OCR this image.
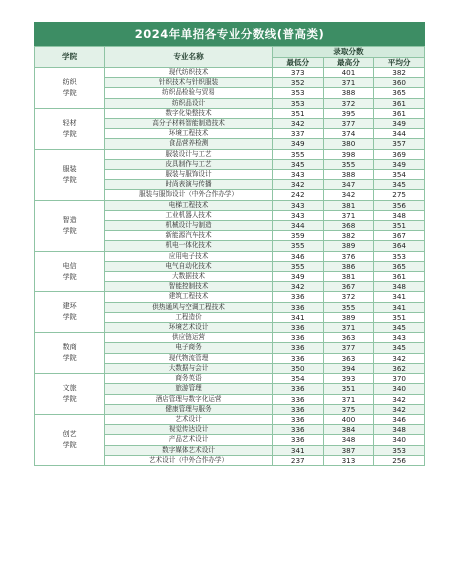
2024年单招各专业分数线(普高类)
学院	专业名称	录取分数		
		最低分	最高分	平均分
纺织
学院	现代纺织技术	373	401	382
	针织技术与针织服装	352	371	360
	纺织品检验与贸易	353	388	365
	纺织品设计	353	372	361
轻材
学院	数字化染整技术	351	395	361
	高分子材料智能制造技术	342	377	349
	环境工程技术	337	374	344
	食品营养检测	349	380	357
服装
学院	服装设计与工艺	355	398	369
	皮具制作与工艺	345	355	349
	服装与服饰设计	343	388	354
	时尚表演与传播	342	347	345
	服装与服饰设计（中外合作办学）	242	342	275
智造
学院	电梯工程技术	343	381	356
	工业机器人技术	343	371	348
	机械设计与制造	344	368	351
	新能源汽车技术	359	382	367
	机电一体化技术	355	389	364
电信
学院	应用电子技术	346	376	353
	电气自动化技术	355	386	365
	大数据技术	349	381	361
	智能控制技术	342	367	348
建环
学院	建筑工程技术	336	372	341
	供热通风与空调工程技术	336	355	341
	工程造价	341	389	351
	环境艺术设计	336	371	345
数商
学院	供应链运营	336	363	343
	电子商务	336	377	345
	现代物流管理	336	363	342
	大数据与会计	350	394	362
文旅
学院	商务英语	354	393	370
	旅游管理	336	351	340
	酒店管理与数字化运营	336	371	342
	健康管理与服务	336	375	342
创艺
学院	艺术设计	336	400	346
	视觉传达设计	336	384	348
	产品艺术设计	336	348	340
	数字媒体艺术设计	341	387	353
	艺术设计（中外合作办学）	237	313	256
